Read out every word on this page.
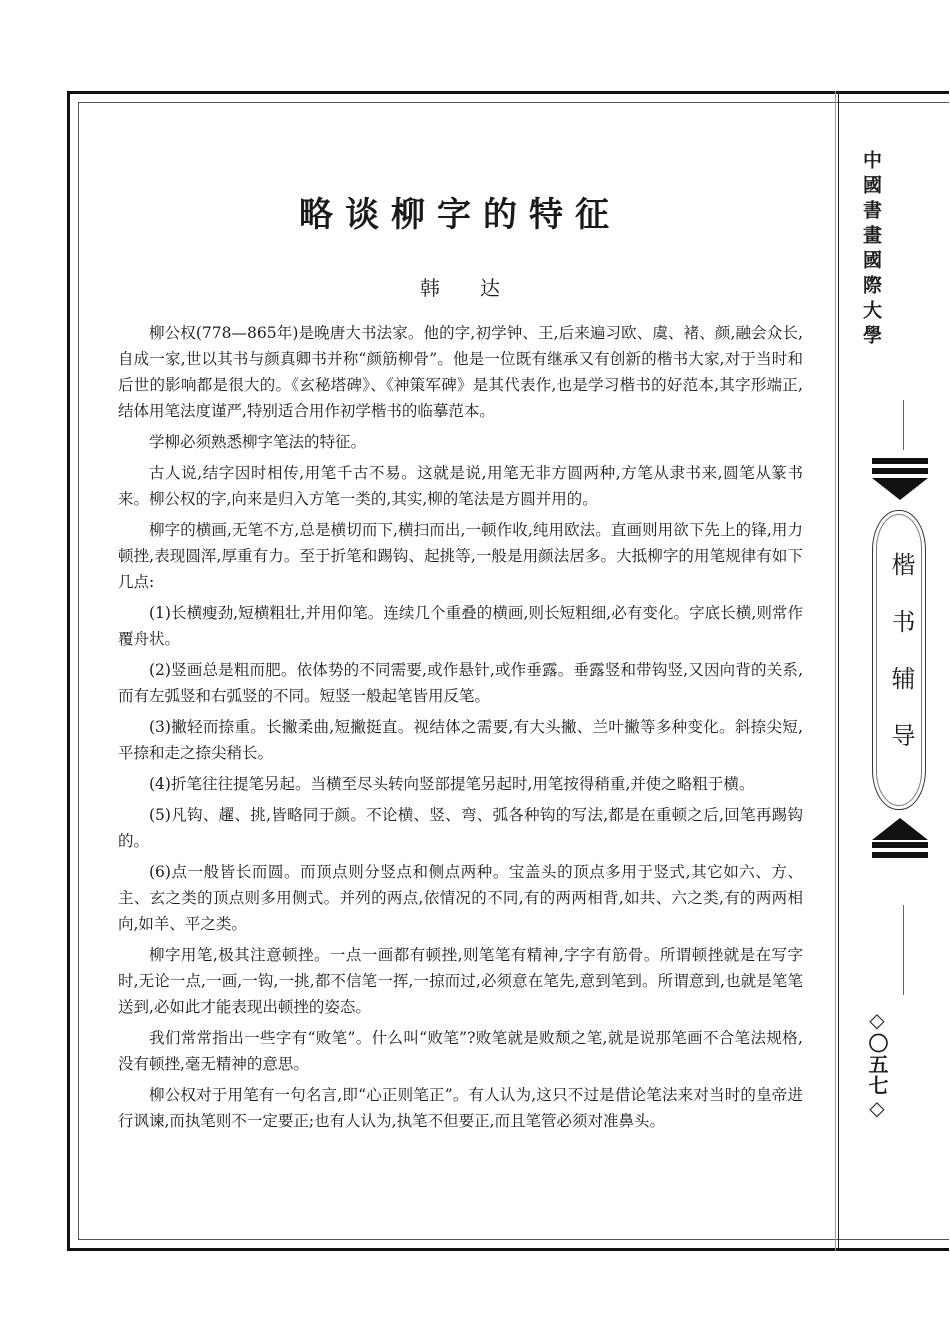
略谈柳字的特征
韩达

柳公权(778—865年)是晚唐大书法家。他的字,初学钟、王,后来遍习欧、虞、褚、颜,融会众长,自成一家,世以其书与颜真卿书并称“颜筋柳骨”。他是一位既有继承又有创新的楷书大家,对于当时和后世的影响都是很大的。《玄秘塔碑》、《神策军碑》是其代表作,也是学习楷书的好范本,其字形端正,结体用笔法度谨严,特别适合用作初学楷书的临摹范本。

学柳必须熟悉柳字笔法的特征。

古人说,结字因时相传,用笔千古不易。这就是说,用笔无非方圆两种,方笔从隶书来,圆笔从篆书来。柳公权的字,向来是归入方笔一类的,其实,柳的笔法是方圆并用的。

柳字的横画,无笔不方,总是横切而下,横扫而出,一顿作收,纯用欧法。直画则用欲下先上的锋,用力顿挫,表现圆浑,厚重有力。至于折笔和踢钩、起挑等,一般是用颜法居多。大抵柳字的用笔规律有如下几点:

(1)长横瘦劲,短横粗壮,并用仰笔。连续几个重叠的横画,则长短粗细,必有变化。字底长横,则常作覆舟状。

(2)竖画总是粗而肥。依体势的不同需要,或作悬针,或作垂露。垂露竖和带钩竖,又因向背的关系,而有左弧竖和右弧竖的不同。短竖一般起笔皆用反笔。

(3)撇轻而捺重。长撇柔曲,短撇挺直。视结体之需要,有大头撇、兰叶撇等多种变化。斜捺尖短,平捺和走之捺尖稍长。

(4)折笔往往提笔另起。当横至尽头转向竖部提笔另起时,用笔按得稍重,并使之略粗于横。

(5)凡钩、趯、挑,皆略同于颜。不论横、竖、弯、弧各种钩的写法,都是在重顿之后,回笔再踢钩的。

(6)点一般皆长而圆。而顶点则分竖点和侧点两种。宝盖头的顶点多用于竖式,其它如六、方、主、玄之类的顶点则多用侧式。并列的两点,依情况的不同,有的两两相背,如共、六之类,有的两两相向,如羊、平之类。

柳字用笔,极其注意顿挫。一点一画都有顿挫,则笔笔有精神,字字有筋骨。所谓顿挫就是在写字时,无论一点,一画,一钩,一挑,都不信笔一挥,一掠而过,必须意在笔先,意到笔到。所谓意到,也就是笔笔送到,必如此才能表现出顿挫的姿态。

我们常常指出一些字有“败笔”。什么叫“败笔”?败笔就是败颓之笔,就是说那笔画不合笔法规格,没有顿挫,毫无精神的意思。

柳公权对于用笔有一句名言,即“心正则笔正”。有人认为,这只不过是借论笔法来对当时的皇帝进行讽谏,而执笔则不一定要正;也有人认为,执笔不但要正,而且笔管必须对准鼻头。

中國書畫國際大學
楷书辅导
◇〇五七◇
